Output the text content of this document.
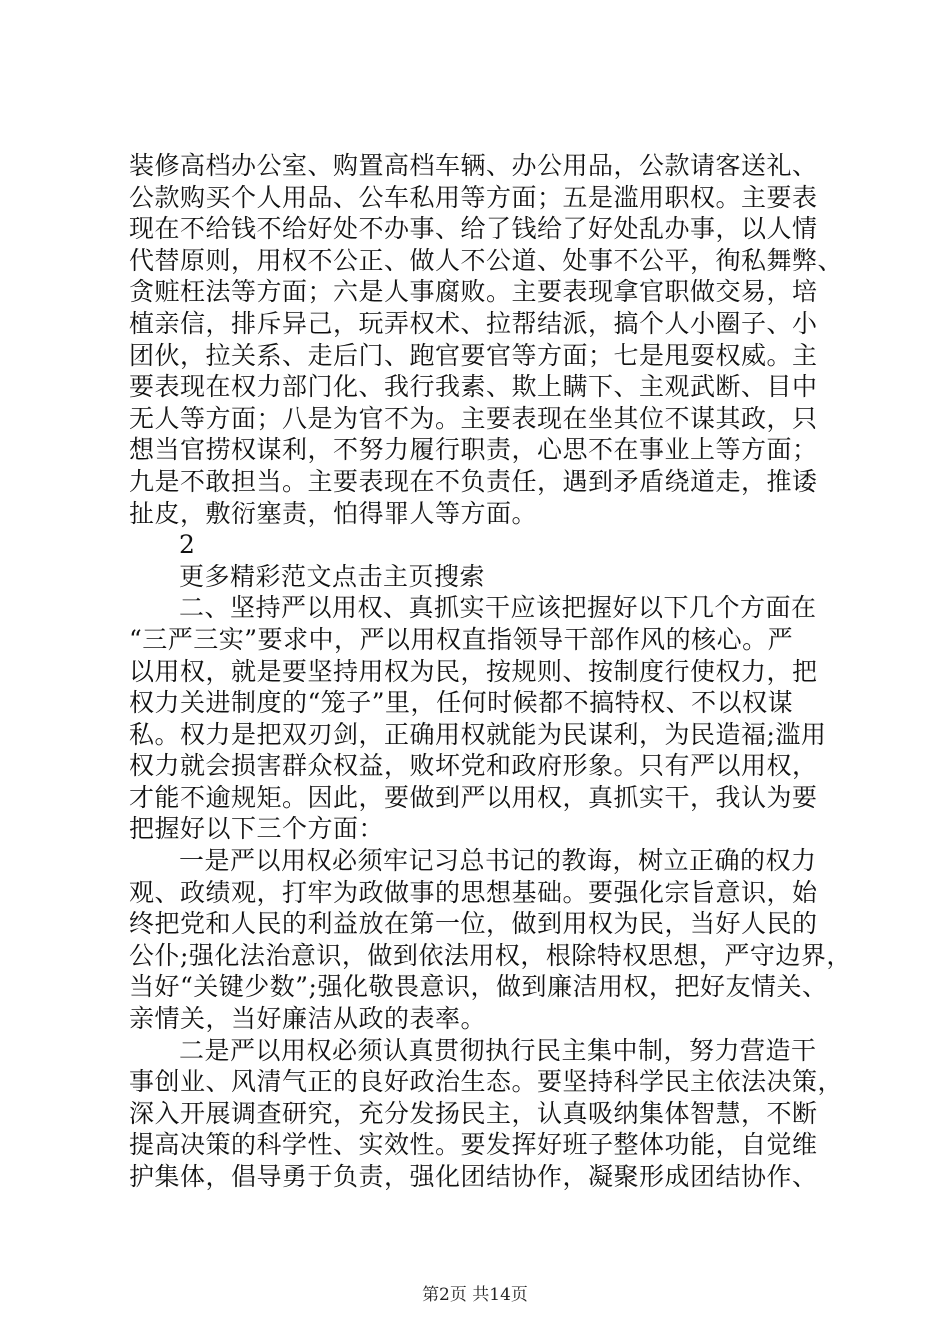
装修高档办公室、购置高档车辆、办公用品，公款请客送礼、
公款购买个人用品、公车私用等方面；五是滥用职权。主要表
现在不给钱不给好处不办事、给了钱给了好处乱办事，以人情
代替原则，用权不公正、做人不公道、处事不公平，徇私舞弊、
贪赃枉法等方面；六是人事腐败。主要表现拿官职做交易，培
植亲信，排斥异己，玩弄权术、拉帮结派，搞个人小圈子、小
团伙，拉关系、走后门、跑官要官等方面；七是甩耍权威。主
要表现在权力部门化、我行我素、欺上瞒下、主观武断、目中
无人等方面；八是为官不为。主要表现在坐其位不谋其政，只
想当官捞权谋利，不努力履行职责，心思不在事业上等方面；
九是不敢担当。主要表现在不负责任，遇到矛盾绕道走，推诿
扯皮，敷衍塞责，怕得罪人等方面。
2
更多精彩范文点击主页搜索
二、坚持严以用权、真抓实干应该把握好以下几个方面在
“三严三实”要求中，严以用权直指领导干部作风的核心。严
以用权，就是要坚持用权为民，按规则、按制度行使权力，把
权力关进制度的“笼子”里，任何时候都不搞特权、不以权谋
私。权力是把双刃剑，正确用权就能为民谋利，为民造福;滥用
权力就会损害群众权益，败坏党和政府形象。只有严以用权，
才能不逾规矩。因此，要做到严以用权，真抓实干，我认为要
把握好以下三个方面：
一是严以用权必须牢记习总书记的教诲，树立正确的权力
观、政绩观，打牢为政做事的思想基础。要强化宗旨意识，始
终把党和人民的利益放在第一位，做到用权为民，当好人民的
公仆;强化法治意识，做到依法用权，根除特权思想，严守边界，
当好“关键少数”;强化敬畏意识，做到廉洁用权，把好友情关、
亲情关，当好廉洁从政的表率。
二是严以用权必须认真贯彻执行民主集中制，努力营造干
事创业、风清气正的良好政治生态。要坚持科学民主依法决策，
深入开展调查研究，充分发扬民主，认真吸纳集体智慧，不断
提高决策的科学性、实效性。要发挥好班子整体功能，自觉维
护集体，倡导勇于负责，强化团结协作，凝聚形成团结协作、
第2页 共14页
